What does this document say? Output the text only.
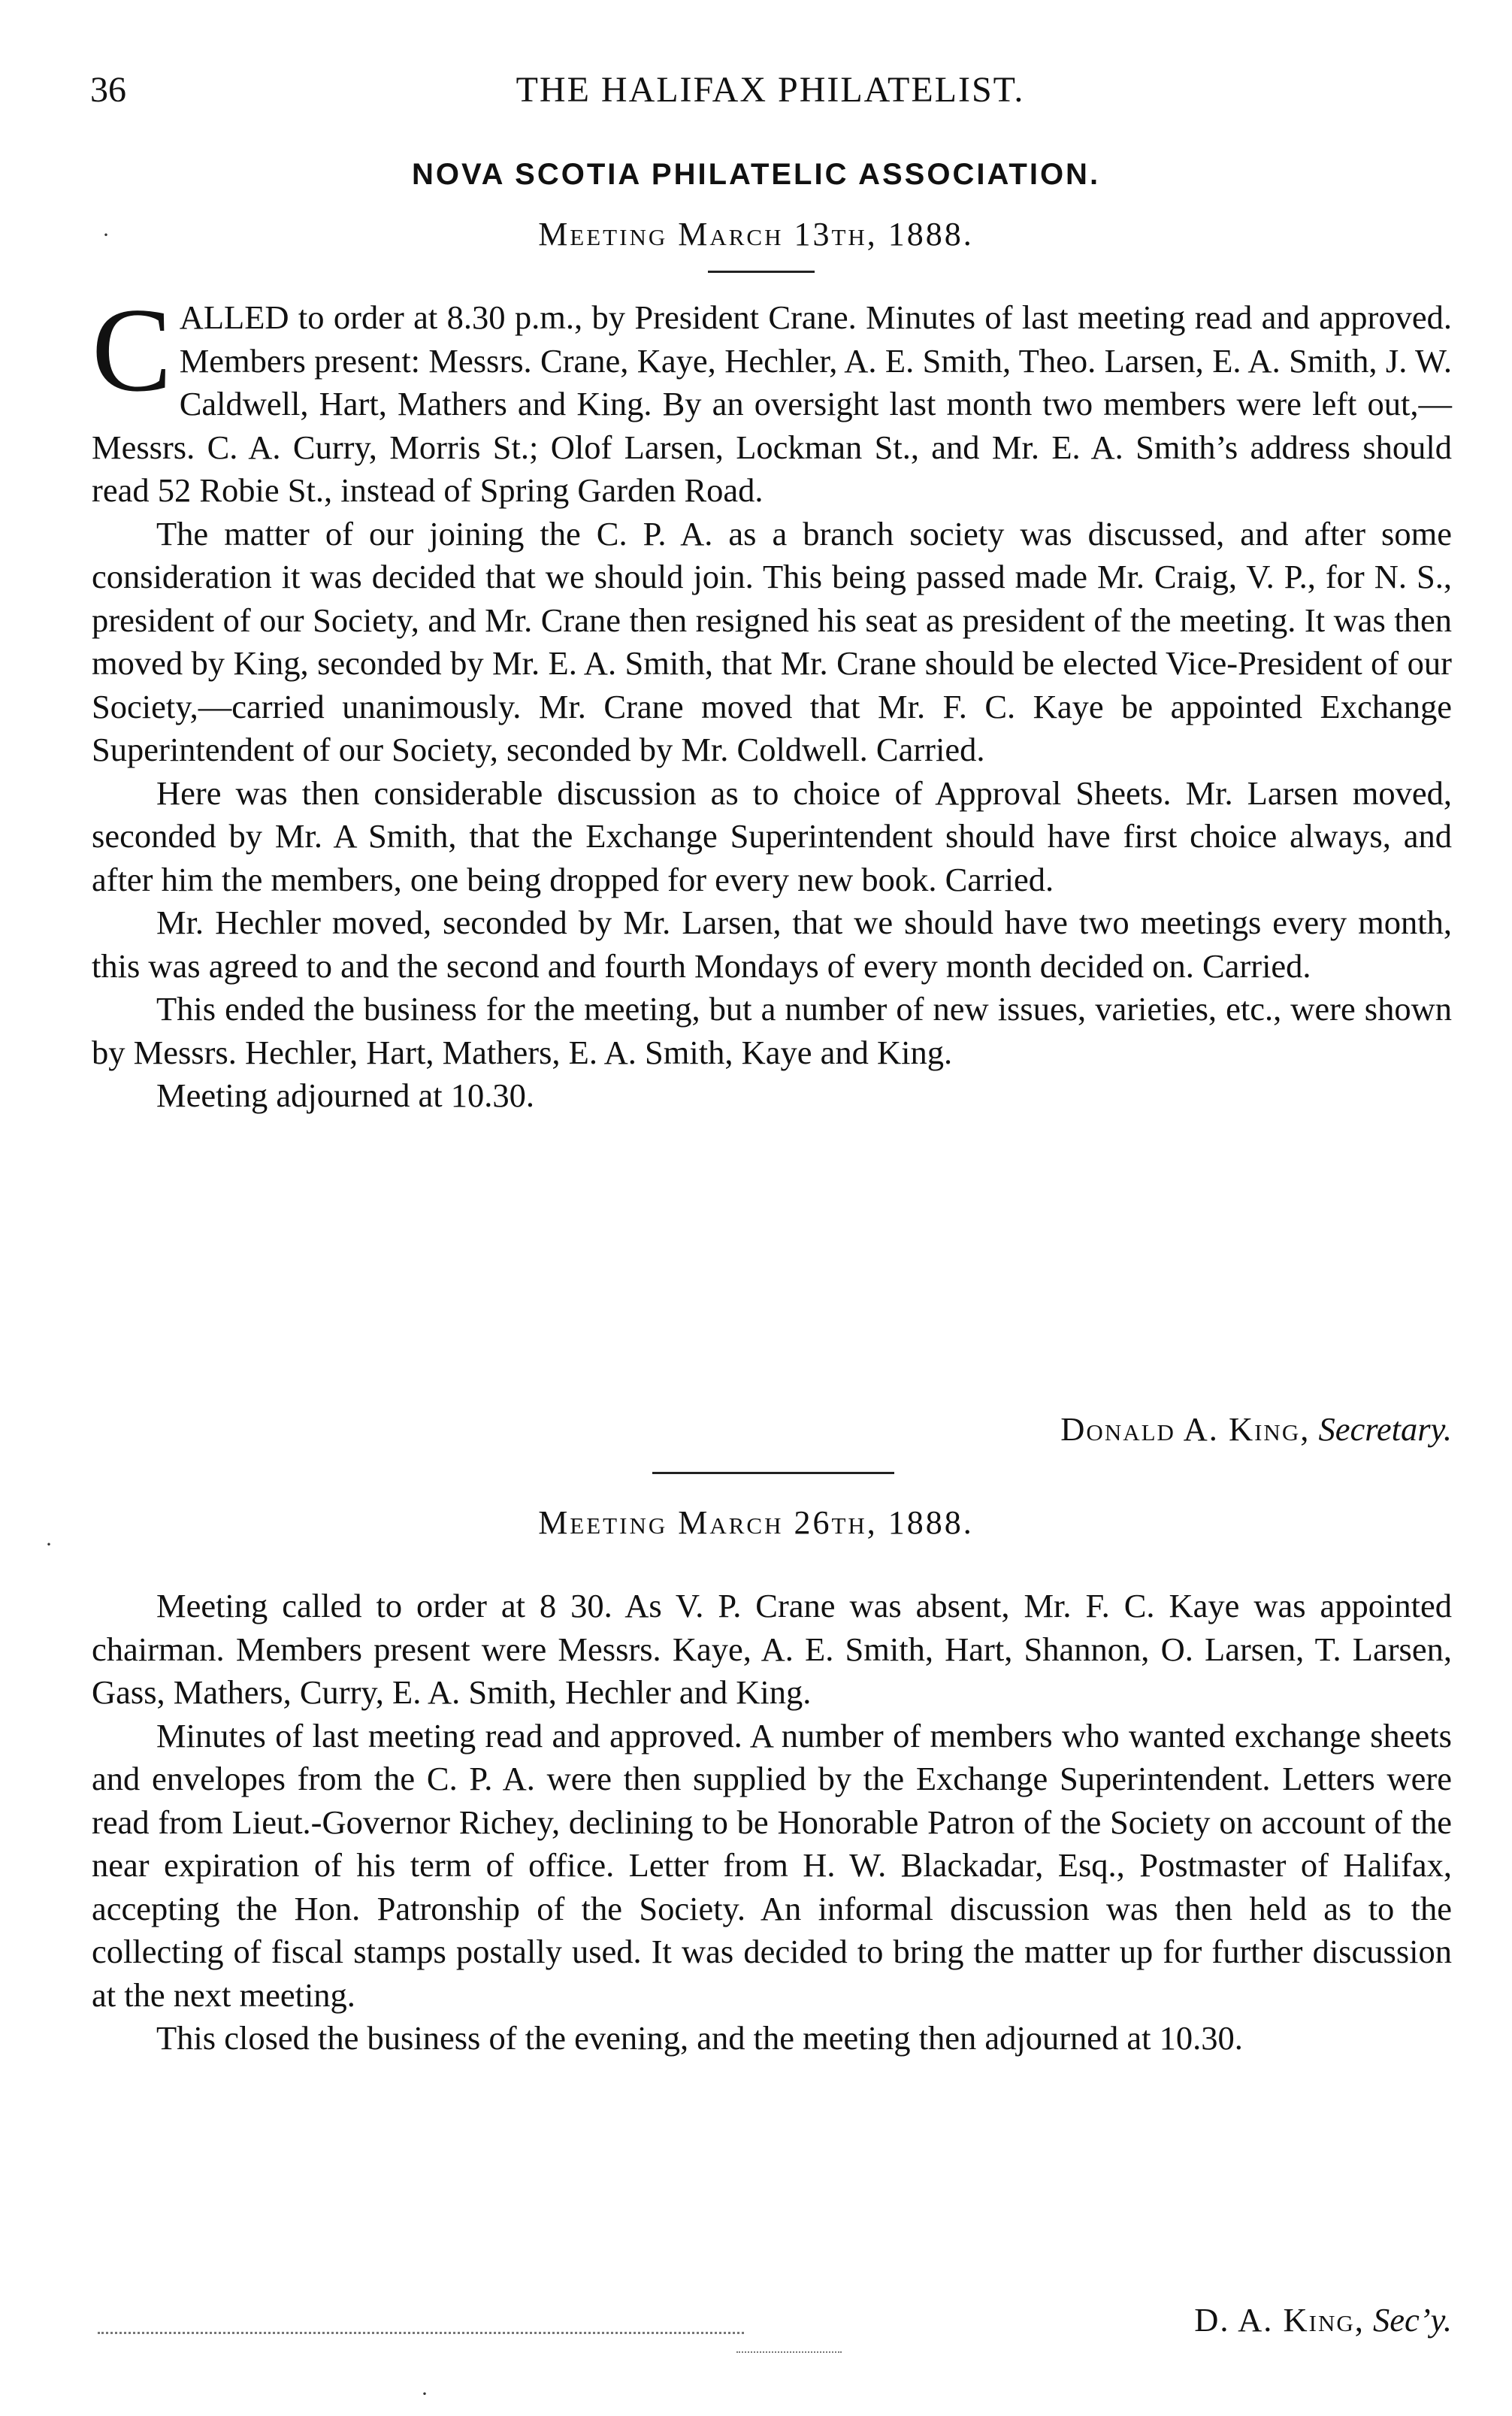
36	THE HALIFAX PHILATELIST.
NOVA SCOTIA PHILATELIC ASSOCIATION.
Meeting March 13th, 1888.

CALLED to order at 8.30 p.m., by President Crane. Minutes of last meeting read and approved. Members present: Messrs. Crane, Kaye, Hechler, A. E. Smith, Theo. Larsen, E. A. Smith, J. W. Caldwell, Hart, Mathers and King. By an oversight last month two members were left out,—Messrs. C. A. Curry, Morris St.; Olof Larsen, Lockman St., and Mr. E. A. Smith’s address should read 52 Robie St., instead of Spring Garden Road.

The matter of our joining the C. P. A. as a branch society was discussed, and after some consideration it was decided that we should join. This being passed made Mr. Craig, V. P., for N. S., president of our Society, and Mr. Crane then resigned his seat as president of the meeting. It was then moved by King, seconded by Mr. E. A. Smith, that Mr. Crane should be elected Vice-President of our Society,—carried unanimously. Mr. Crane moved that Mr. F. C. Kaye be appointed Exchange Superintendent of our Society, seconded by Mr. Coldwell. Carried.

Here was then considerable discussion as to choice of Approval Sheets. Mr. Larsen moved, seconded by Mr. A Smith, that the Exchange Superintendent should have first choice always, and after him the members, one being dropped for every new book. Carried.

Mr. Hechler moved, seconded by Mr. Larsen, that we should have two meetings every month, this was agreed to and the second and fourth Mondays of every month decided on. Carried.

This ended the business for the meeting, but a number of new issues, varieties, etc., were shown by Messrs. Hechler, Hart, Mathers, E. A. Smith, Kaye and King.

Meeting adjourned at 10.30.

Donald A. King, Secretary.
Meeting March 26th, 1888.

Meeting called to order at 8 30. As V. P. Crane was absent, Mr. F. C. Kaye was appointed chairman. Members present were Messrs. Kaye, A. E. Smith, Hart, Shannon, O. Larsen, T. Larsen, Gass, Mathers, Curry, E. A. Smith, Hechler and King.

Minutes of last meeting read and approved. A number of members who wanted exchange sheets and envelopes from the C. P. A. were then supplied by the Exchange Superintendent. Letters were read from Lieut.-Governor Richey, declining to be Honorable Patron of the Society on account of the near expiration of his term of office. Letter from H. W. Blackadar, Esq., Postmaster of Halifax, accepting the Hon. Patronship of the Society. An informal discussion was then held as to the collecting of fiscal stamps postally used. It was decided to bring the matter up for further discussion at the next meeting.

This closed the business of the evening, and the meeting then adjourned at 10.30.

D. A. King, Sec’y.
·
·
·
